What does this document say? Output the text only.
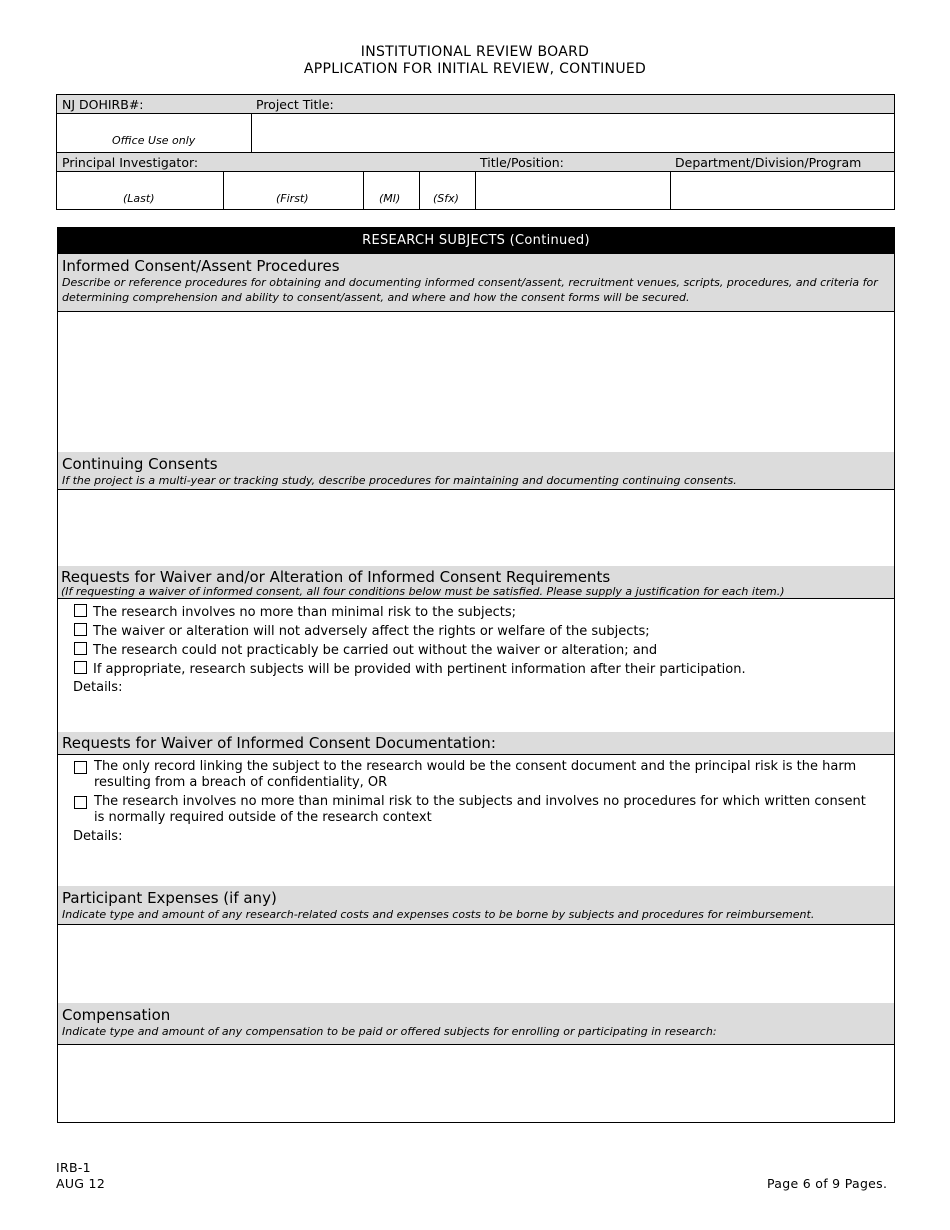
INSTITUTIONAL REVIEW BOARD
APPLICATION FOR INITIAL REVIEW, CONTINUED
NJ DOHIRB#:	Project Title:
Office Use only
Principal Investigator:	Title/Position:	Department/Division/Program
(Last)	(First)	(MI)	(Sfx)
RESEARCH SUBJECTS (Continued)
Informed Consent/Assent Procedures
Describe or reference procedures for obtaining and documenting informed consent/assent, recruitment venues, scripts, procedures, and criteria for determining comprehension and ability to consent/assent, and where and how the consent forms will be secured.
Continuing Consents
If the project is a multi-year or tracking study, describe procedures for maintaining and documenting continuing consents.
Requests for Waiver and/or Alteration of Informed Consent Requirements
(If requesting a waiver of informed consent, all four conditions below must be satisfied. Please supply a justification for each item.)
The research involves no more than minimal risk to the subjects;
The waiver or alteration will not adversely affect the rights or welfare of the subjects;
The research could not practicably be carried out without the waiver or alteration; and
If appropriate, research subjects will be provided with pertinent information after their participation.
Details:
Requests for Waiver of Informed Consent Documentation:
The only record linking the subject to the research would be the consent document and the principal risk is the harm resulting from a breach of confidentiality, OR
The research involves no more than minimal risk to the subjects and involves no procedures for which written consent is normally required outside of the research context
Details:
Participant Expenses (if any)
Indicate type and amount of any research-related costs and expenses costs to be borne by subjects and procedures for reimbursement.
Compensation
Indicate type and amount of any compensation to be paid or offered subjects for enrolling or participating in research:
IRB-1
AUG 12	Page 6 of 9 Pages.
